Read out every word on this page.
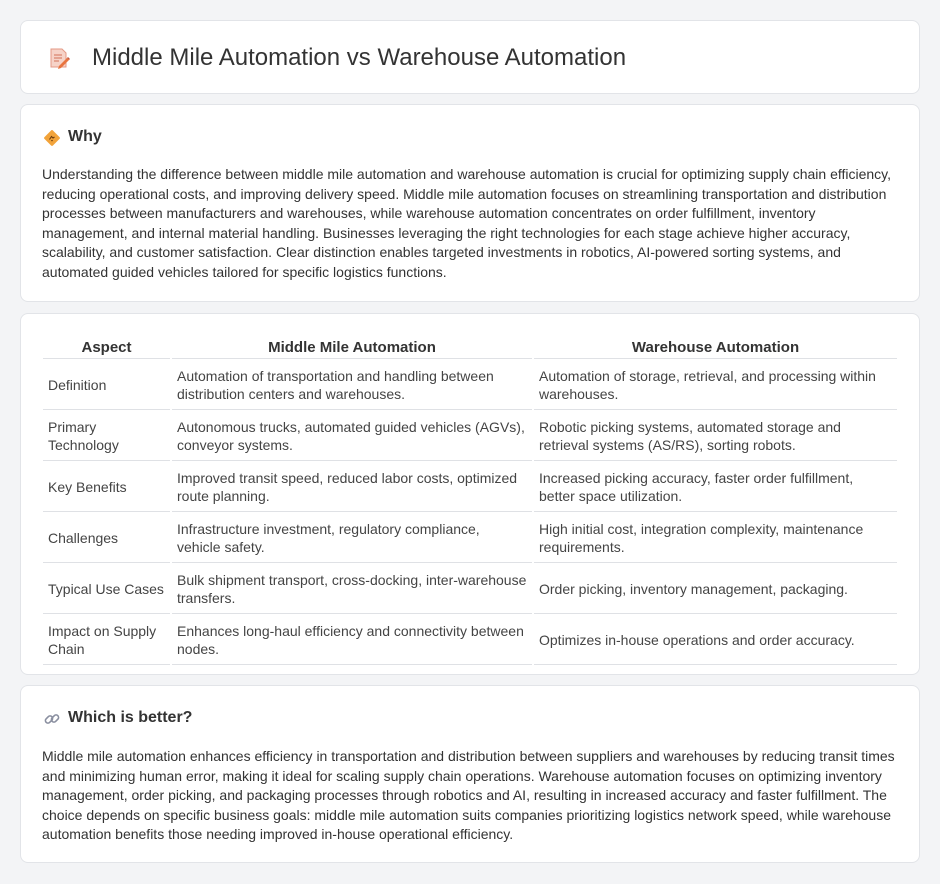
Middle Mile Automation vs Warehouse Automation
Why

Understanding the difference between middle mile automation and warehouse automation is crucial for optimizing supply chain efficiency, reducing operational costs, and improving delivery speed. Middle mile automation focuses on streamlining transportation and distribution processes between manufacturers and warehouses, while warehouse automation concentrates on order fulfillment, inventory management, and internal material handling. Businesses leveraging the right technologies for each stage achieve higher accuracy, scalability, and customer satisfaction. Clear distinction enables targeted investments in robotics, AI-powered sorting systems, and automated guided vehicles tailored for specific logistics functions.

Aspect	Middle Mile Automation	Warehouse Automation
Definition	Automation of transportation and handling between distribution centers and warehouses.	Automation of storage, retrieval, and processing within warehouses.
Primary Technology	Autonomous trucks, automated guided vehicles (AGVs), conveyor systems.	Robotic picking systems, automated storage and retrieval systems (AS/RS), sorting robots.
Key Benefits	Improved transit speed, reduced labor costs, optimized route planning.	Increased picking accuracy, faster order fulfillment, better space utilization.
Challenges	Infrastructure investment, regulatory compliance, vehicle safety.	High initial cost, integration complexity, maintenance requirements.
Typical Use Cases	Bulk shipment transport, cross-docking, inter-warehouse transfers.	Order picking, inventory management, packaging.
Impact on Supply Chain	Enhances long-haul efficiency and connectivity between nodes.	Optimizes in-house operations and order accuracy.
Which is better?

Middle mile automation enhances efficiency in transportation and distribution between suppliers and warehouses by reducing transit times and minimizing human error, making it ideal for scaling supply chain operations. Warehouse automation focuses on optimizing inventory management, order picking, and packaging processes through robotics and AI, resulting in increased accuracy and faster fulfillment. The choice depends on specific business goals: middle mile automation suits companies prioritizing logistics network speed, while warehouse automation benefits those needing improved in-house operational efficiency.
